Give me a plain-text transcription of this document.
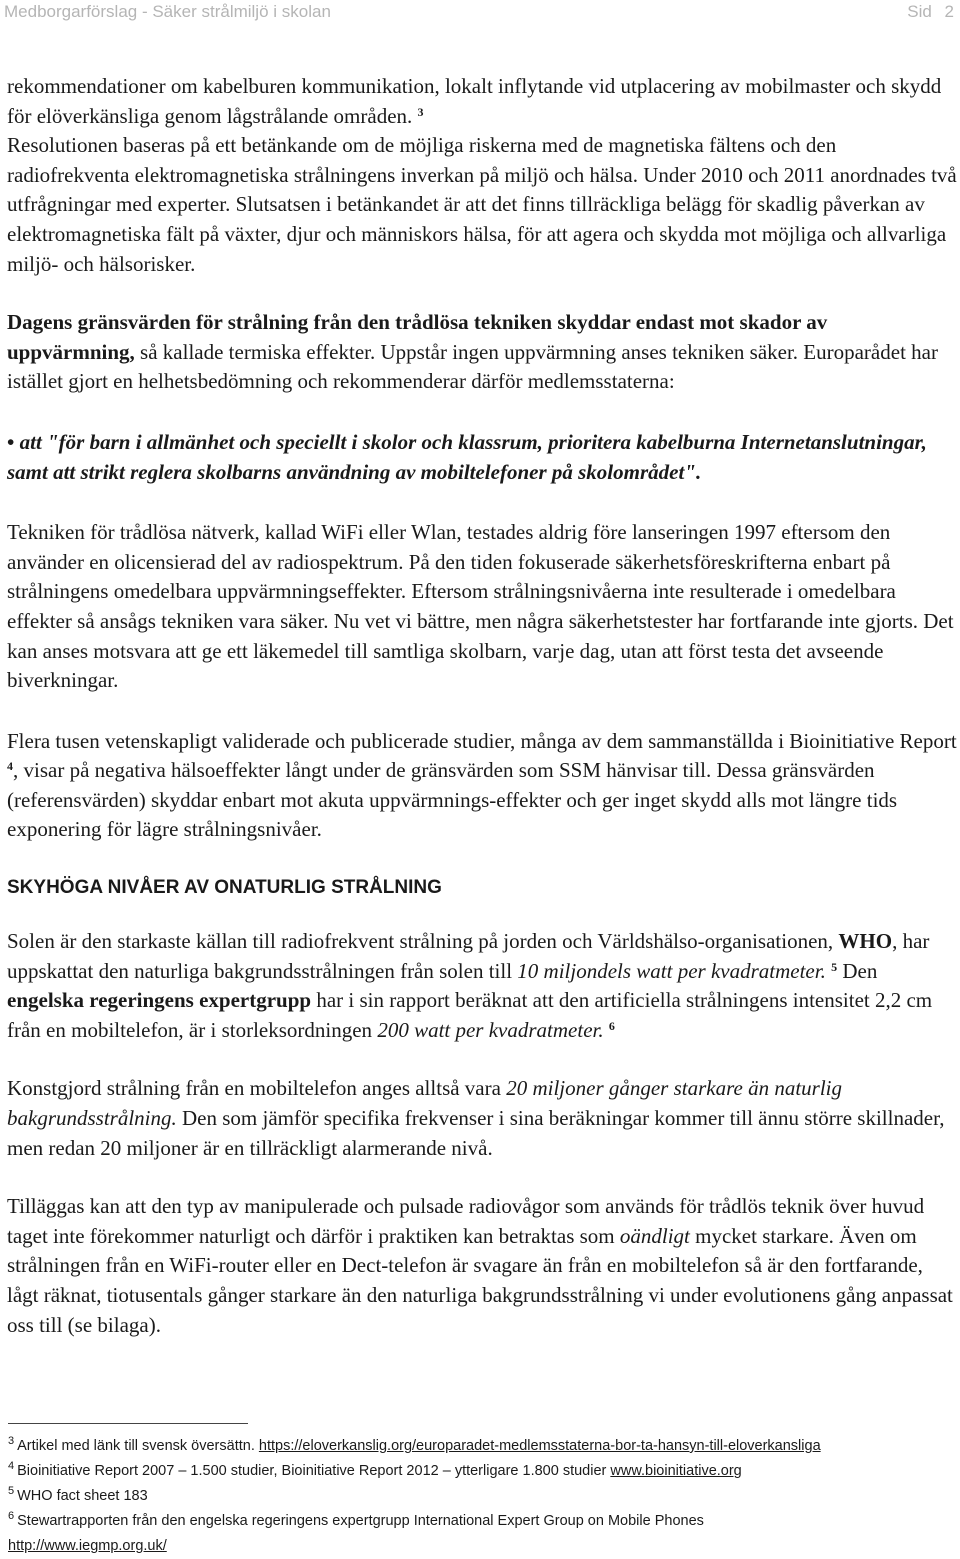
Medborgarförslag - Säker strålmiljö i skolan	Sid 2

rekommendationer om kabelburen kommunikation, lokalt inflytande vid utplacering av mobilmaster och skydd för elöverkänsliga genom lågstrålande områden. $^3$
Resolutionen baseras på ett betänkande om de möjliga riskerna med de magnetiska fältens och den radiofrekventa elektromagnetiska strålningens inverkan på miljö och hälsa. Under 2010 och 2011 anordnades två utfrågningar med experter. Slutsatsen i betänkandet är att det finns tillräckliga belägg för skadlig påverkan av elektromagnetiska fält på växter, djur och människors hälsa, för att agera och skydda mot möjliga och allvarliga miljö- och hälsorisker.

Dagens gränsvärden för strålning från den trådlösa tekniken skyddar endast mot skador av uppvärmning, så kallade termiska effekter. Uppstår ingen uppvärmning anses tekniken säker. Europarådet har istället gjort en helhetsbedömning och rekommenderar därför medlemsstaterna:

• att "för barn i allmänhet och speciellt i skolor och klassrum, prioritera kabelburna Internetanslutningar, samt att strikt reglera skolbarns användning av mobiltelefoner på skolområdet".

Tekniken för trådlösa nätverk, kallad WiFi eller Wlan, testades aldrig före lanseringen 1997 eftersom den använder en olicensierad del av radiospektrum. På den tiden fokuserade säkerhetsföreskrifterna enbart på strålningens omedelbara uppvärmningseffekter. Eftersom strålningsnivåerna inte resulterade i omedelbara effekter så ansågs tekniken vara säker. Nu vet vi bättre, men några säkerhetstester har fortfarande inte gjorts. Det kan anses motsvara att ge ett läkemedel till samtliga skolbarn, varje dag, utan att först testa det avseende biverkningar.

Flera tusen vetenskapligt validerade och publicerade studier, många av dem sammanställda i Bioinitiative Report $^4$, visar på negativa hälsoeffekter långt under de gränsvärden som SSM hänvisar till. Dessa gränsvärden (referensvärden) skyddar enbart mot akuta uppvärmnings-effekter och ger inget skydd alls mot längre tids exponering för lägre strålningsnivåer.

SKYHÖGA NIVÅER AV ONATURLIG STRÅLNING

Solen är den starkaste källan till radiofrekvent strålning på jorden och Världshälso-organisationen, WHO, har uppskattat den naturliga bakgrundsstrålningen från solen till 10 miljondels watt per kvadratmeter. $^5$ Den engelska regeringens expertgrupp har i sin rapport beräknat att den artificiella strålningens intensitet 2,2 cm från en mobiltelefon, är i storleksordningen 200 watt per kvadratmeter. $^6$

Konstgjord strålning från en mobiltelefon anges alltså vara 20 miljoner gånger starkare än naturlig bakgrundsstrålning. Den som jämför specifika frekvenser i sina beräkningar kommer till ännu större skillnader, men redan 20 miljoner är en tillräckligt alarmerande nivå.

Tilläggas kan att den typ av manipulerade och pulsade radiovågor som används för trådlös teknik över huvud taget inte förekommer naturligt och därför i praktiken kan betraktas som oändligt mycket starkare. Även om strålningen från en WiFi-router eller en Dect-telefon är svagare än från en mobiltelefon så är den fortfarande, lågt räknat, tiotusentals gånger starkare än den naturliga bakgrundsstrålning vi under evolutionens gång anpassat oss till (se bilaga).

$^3$ Artikel med länk till svensk översättn. https://eloverkanslig.org/europaradet-medlemsstaterna-bor-ta-hansyn-till-eloverkansliga
$^4$ Bioinitiative Report 2007 – 1.500 studier, Bioinitiative Report 2012 – ytterligare 1.800 studier www.bioinitiative.org
$^5$ WHO fact sheet 183
$^6$ Stewartrapporten från den engelska regeringens expertgrupp International Expert Group on Mobile Phones
http://www.iegmp.org.uk/
